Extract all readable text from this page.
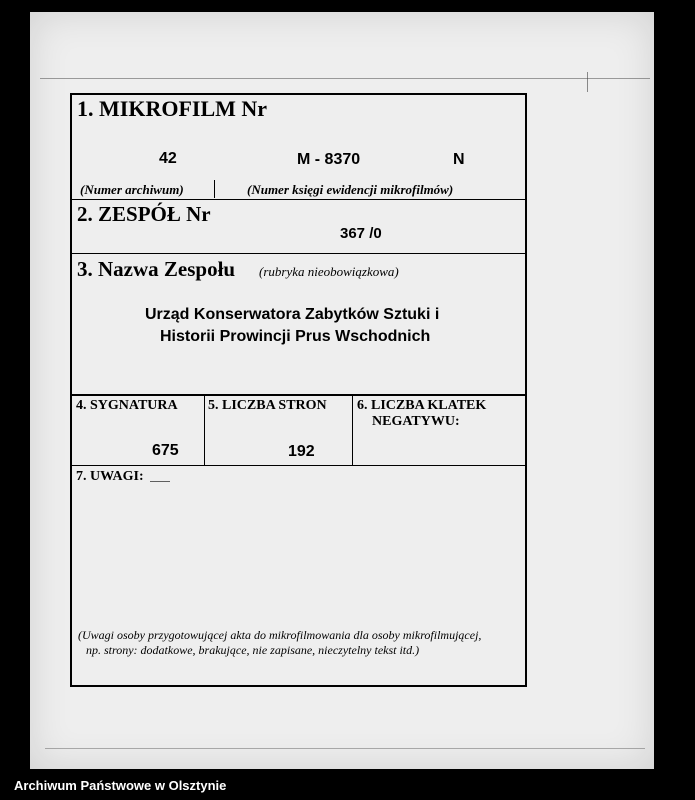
1. MIKROFILM Nr
42	M - 8370	N
(Numer archiwum)	(Numer księgi ewidencji mikrofilmów)
2. ZESPÓŁ Nr
367 /0
3. Nazwa Zespołu (rubryka nieobowiązkowa)
Urząd Konserwatora Zabytków Sztuki i
Historii Prowincji Prus Wschodnich
4. SYGNATURA
675
5. LICZBA STRON
192
6. LICZBA KLATEK
NEGATYWU:
7. UWAGI:
(Uwagi osoby przygotowującej akta do mikrofilmowania dla osoby mikrofilmującej,
np. strony: dodatkowe, brakujące, nie zapisane, nieczytelny tekst itd.)
Archiwum Państwowe w Olsztynie
